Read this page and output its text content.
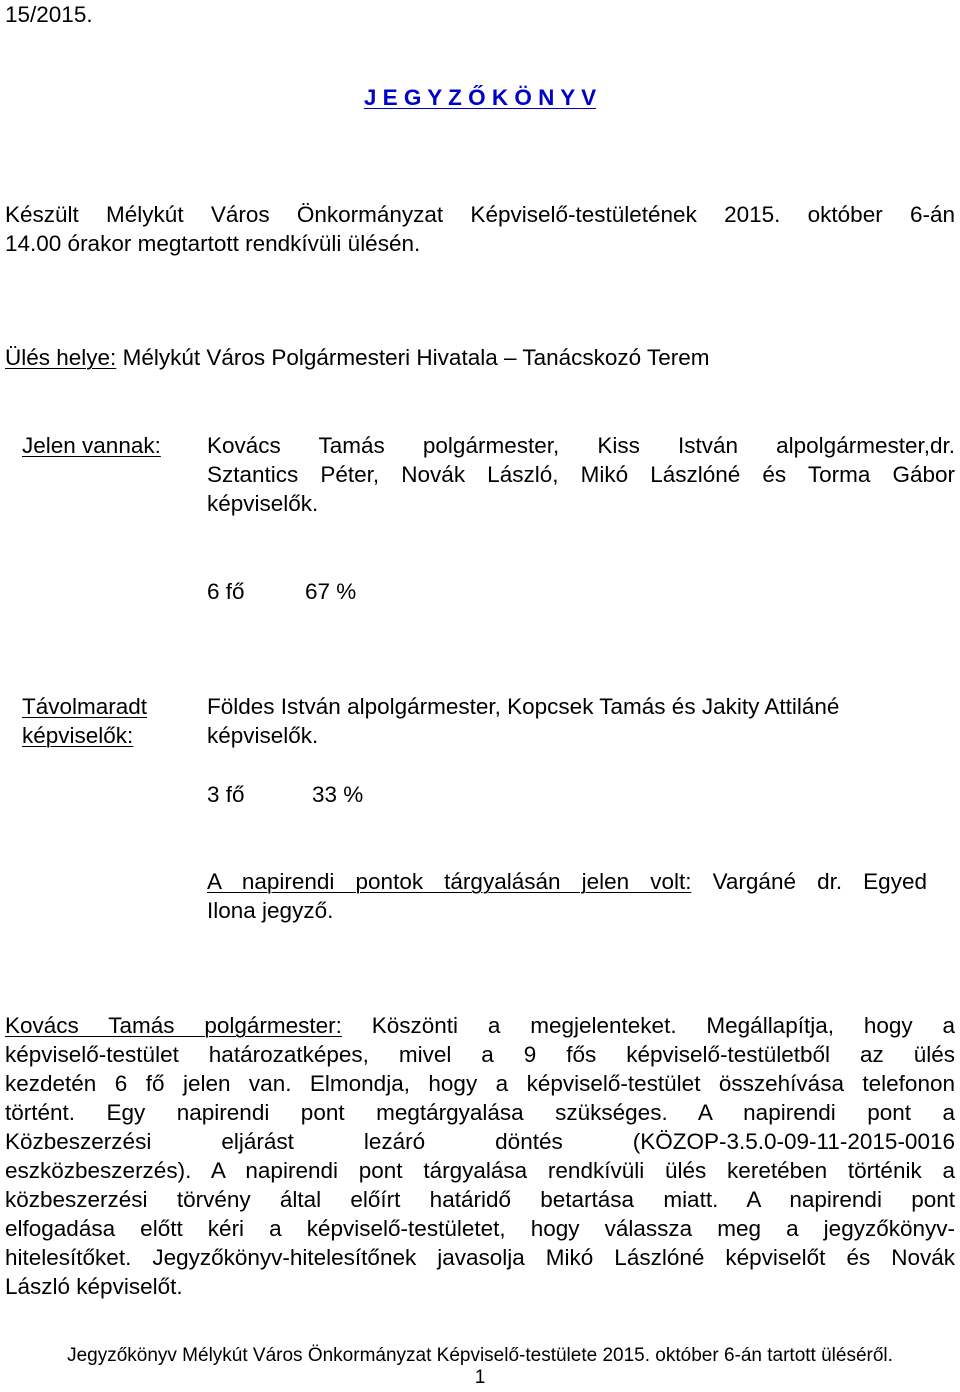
15/2015.
J E G Y Z Ő K Ö N Y V
Készült Mélykút Város Önkormányzat Képviselő-testületének 2015. október 6-án
14.00 órakor megtartott rendkívüli ülésén.
Ülés helye: Mélykút Város Polgármesteri Hivatala – Tanácskozó Terem
Jelen vannak: Kovács Tamás polgármester, Kiss István alpolgármester,dr.
Sztantics Péter, Novák László, Mikó Lászlóné és Torma Gábor
képviselők.
6 fő	67 %
Távolmaradt
képviselők:
Földes István alpolgármester, Kopcsek Tamás és Jakity Attiláné
képviselők.
3 fő	33 %
A napirendi pontok tárgyalásán jelen volt: Vargáné dr. Egyed
Ilona jegyző.
Kovács Tamás polgármester: Köszönti a megjelenteket. Megállapítja, hogy a
képviselő-testület határozatképes, mivel a 9 fős képviselő-testületből az ülés
kezdetén 6 fő jelen van. Elmondja, hogy a képviselő-testület összehívása telefonon
történt. Egy napirendi pont megtárgyalása szükséges. A napirendi pont a
Közbeszerzési eljárást lezáró döntés (KÖZOP-3.5.0-09-11-2015-0016
eszközbeszerzés). A napirendi pont tárgyalása rendkívüli ülés keretében történik a
közbeszerzési törvény által előírt határidő betartása miatt. A napirendi pont
elfogadása előtt kéri a képviselő-testületet, hogy válassza meg a jegyzőkönyv-
hitelesítőket. Jegyzőkönyv-hitelesítőnek javasolja Mikó Lászlóné képviselőt és Novák
László képviselőt.
Jegyzőkönyv Mélykút Város Önkormányzat Képviselő-testülete 2015. október 6-án tartott üléséről.
1
